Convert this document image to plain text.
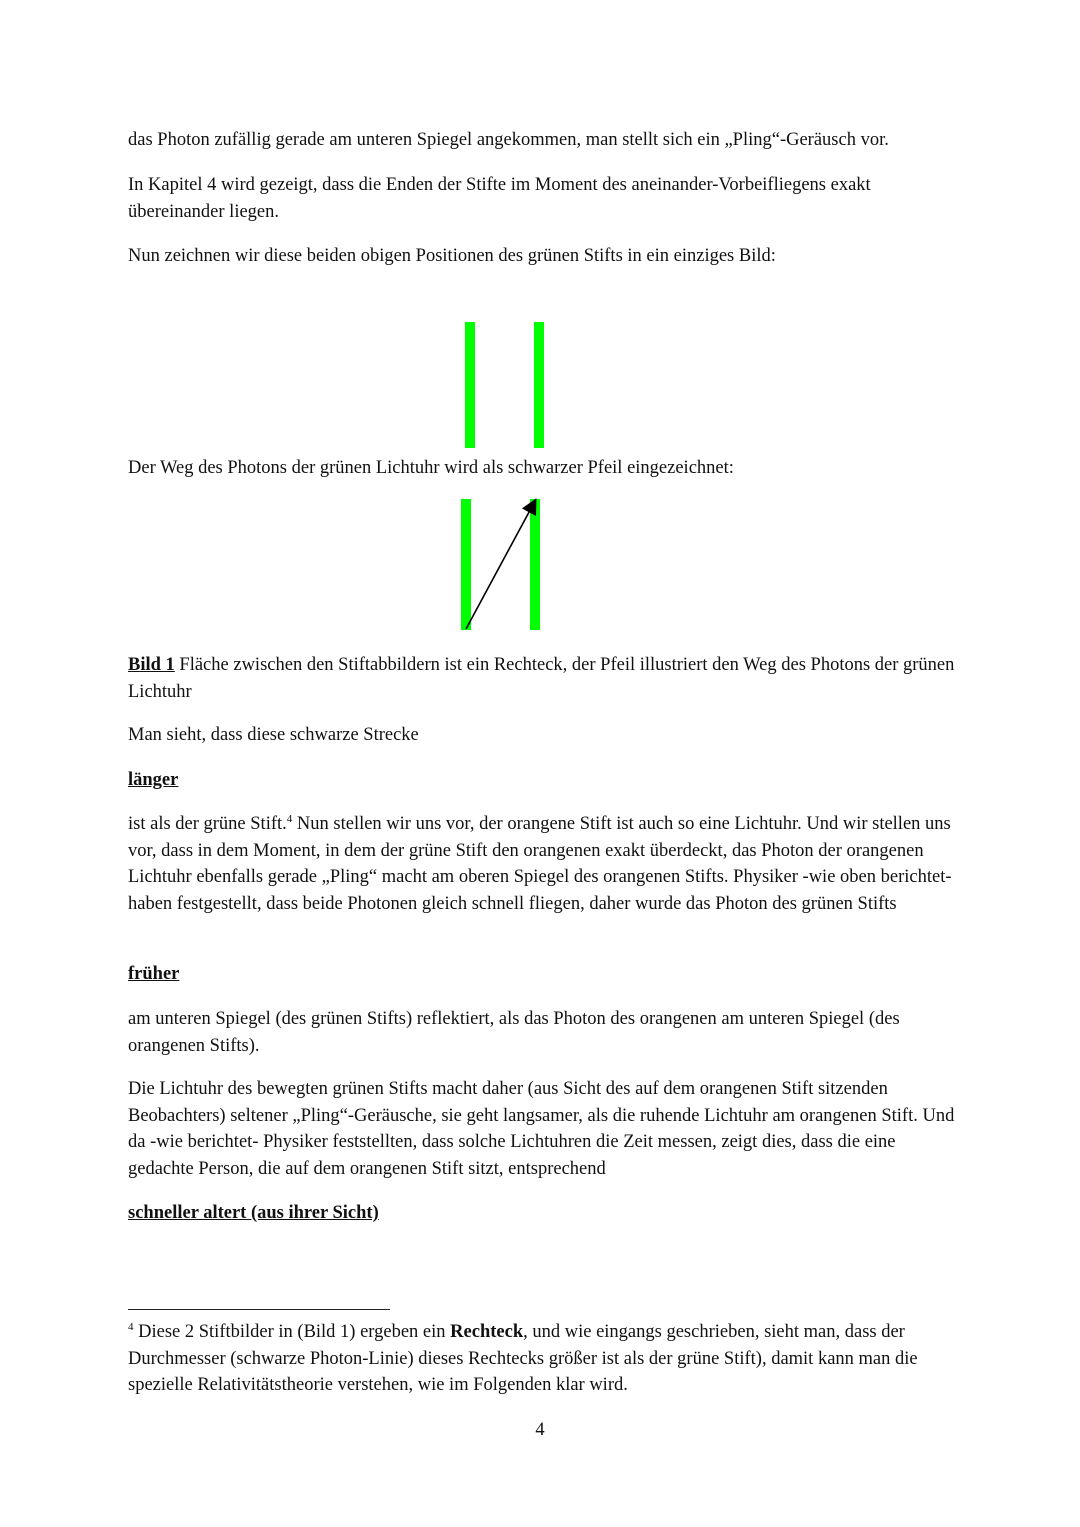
das Photon zufällig gerade am unteren Spiegel angekommen, man stellt sich ein „Pling“-Geräusch vor.

In Kapitel 4 wird gezeigt, dass die Enden der Stifte im Moment des aneinander-Vorbeifliegens exakt übereinander liegen.

Nun zeichnen wir diese beiden obigen Positionen des grünen Stifts in ein einziges Bild:

Der Weg des Photons der grünen Lichtuhr wird als schwarzer Pfeil eingezeichnet:

Bild 1 Fläche zwischen den Stiftabbildern ist ein Rechteck, der Pfeil illustriert den Weg des Photons der grünen Lichtuhr

Man sieht, dass diese schwarze Strecke

länger

ist als der grüne Stift.$^4$ Nun stellen wir uns vor, der orangene Stift ist auch so eine Lichtuhr. Und wir stellen uns vor, dass in dem Moment, in dem der grüne Stift den orangenen exakt überdeckt, das Photon der orangenen Lichtuhr ebenfalls gerade „Pling“ macht am oberen Spiegel des orangenen Stifts. Physiker -wie oben berichtet- haben festgestellt, dass beide Photonen gleich schnell fliegen, daher wurde das Photon des grünen Stifts

früher

am unteren Spiegel (des grünen Stifts) reflektiert, als das Photon des orangenen am unteren Spiegel (des orangenen Stifts).

Die Lichtuhr des bewegten grünen Stifts macht daher (aus Sicht des auf dem orangenen Stift sitzenden Beobachters) seltener „Pling“-Geräusche, sie geht langsamer, als die ruhende Lichtuhr am orangenen Stift. Und da -wie berichtet- Physiker feststellten, dass solche Lichtuhren die Zeit messen, zeigt dies, dass die eine gedachte Person, die auf dem orangenen Stift sitzt, entsprechend

schneller altert (aus ihrer Sicht)

$^4$ Diese 2 Stiftbilder in (Bild 1) ergeben ein Rechteck, und wie eingangs geschrieben, sieht man, dass der Durchmesser (schwarze Photon-Linie) dieses Rechtecks größer ist als der grüne Stift), damit kann man die spezielle Relativitätstheorie verstehen, wie im Folgenden klar wird.

4
